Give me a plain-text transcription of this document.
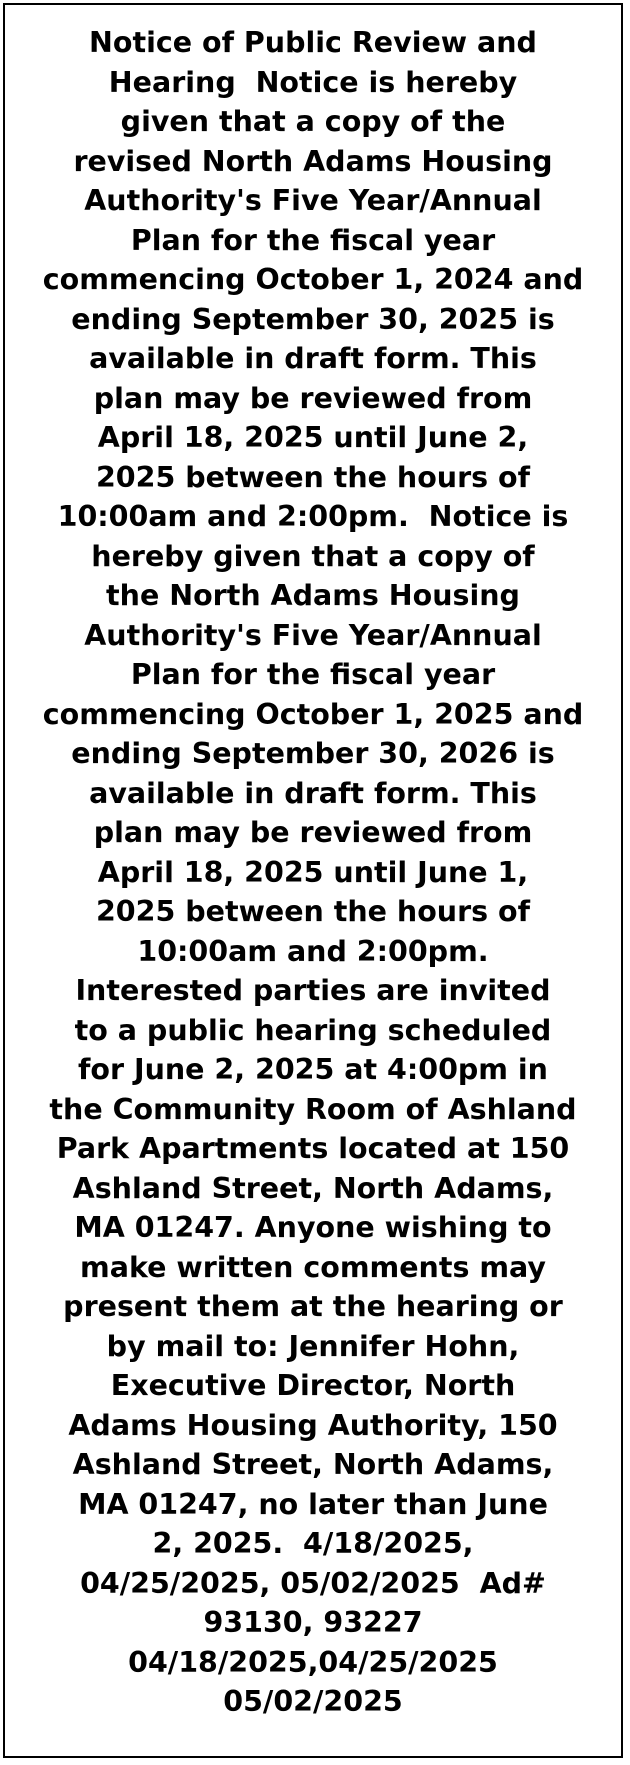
Notice of Public Review and
Hearing  Notice is hereby
given that a copy of the
revised North Adams Housing
Authority's Five Year/Annual
Plan for the fiscal year
commencing October 1, 2024 and
ending September 30, 2025 is
available in draft form. This
plan may be reviewed from
April 18, 2025 until June 2,
2025 between the hours of
10:00am and 2:00pm.  Notice is
hereby given that a copy of
the North Adams Housing
Authority's Five Year/Annual
Plan for the fiscal year
commencing October 1, 2025 and
ending September 30, 2026 is
available in draft form. This
plan may be reviewed from
April 18, 2025 until June 1,
2025 between the hours of
10:00am and 2:00pm.
Interested parties are invited
to a public hearing scheduled
for June 2, 2025 at 4:00pm in
the Community Room of Ashland
Park Apartments located at 150
Ashland Street, North Adams,
MA 01247. Anyone wishing to
make written comments may
present them at the hearing or
by mail to: Jennifer Hohn,
Executive Director, North
Adams Housing Authority, 150
Ashland Street, North Adams,
MA 01247, no later than June
2, 2025.  4/18/2025,
04/25/2025, 05/02/2025  Ad#
93130, 93227
04/18/2025,04/25/2025
05/02/2025
